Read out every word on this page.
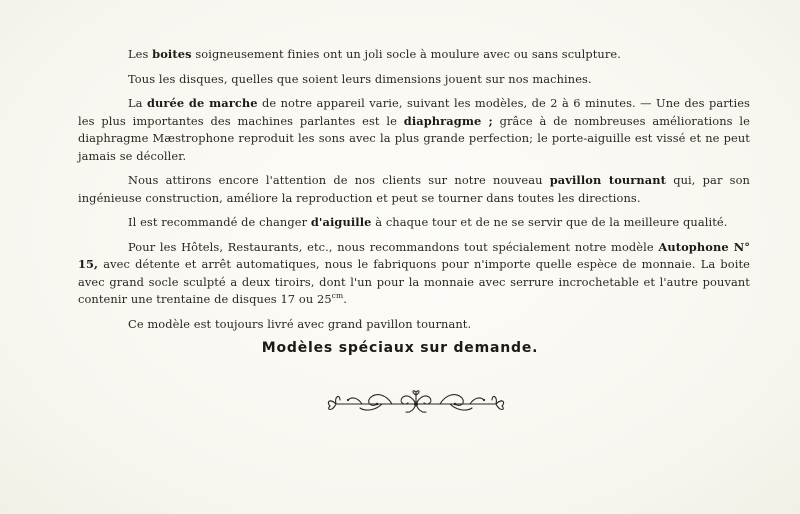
Les boites soigneusement finies ont un joli socle à moulure avec ou sans sculpture.

Tous les disques, quelles que soient leurs dimensions jouent sur nos machines.

La durée de marche de notre appareil varie, suivant les modèles, de 2 à 6 minutes. — Une des parties les plus importantes des machines parlantes est le diaphragme ; grâce à de nombreuses améliorations le diaphragme Mæstrophone reproduit les sons avec la plus grande perfection; le porte-aiguille est vissé et ne peut jamais se décoller.

Nous attirons encore l'attention de nos clients sur notre nouveau pavillon tournant qui, par son ingénieuse construction, améliore la reproduction et peut se tourner dans toutes les directions.

Il est recommandé de changer d'aiguille à chaque tour et de ne se servir que de la meilleure qualité.

Pour les Hôtels, Restaurants, etc., nous recommandons tout spécialement notre modèle Autophone N° 15, avec détente et arrêt automatiques, nous le fabriquons pour n'importe quelle espèce de monnaie. La boite avec grand socle sculpté a deux tiroirs, dont l'un pour la monnaie avec serrure incrochetable et l'autre pouvant contenir une trentaine de disques 17 ou $25^{cm}$.

Ce modèle est toujours livré avec grand pavillon tournant.

Modèles spéciaux sur demande.
